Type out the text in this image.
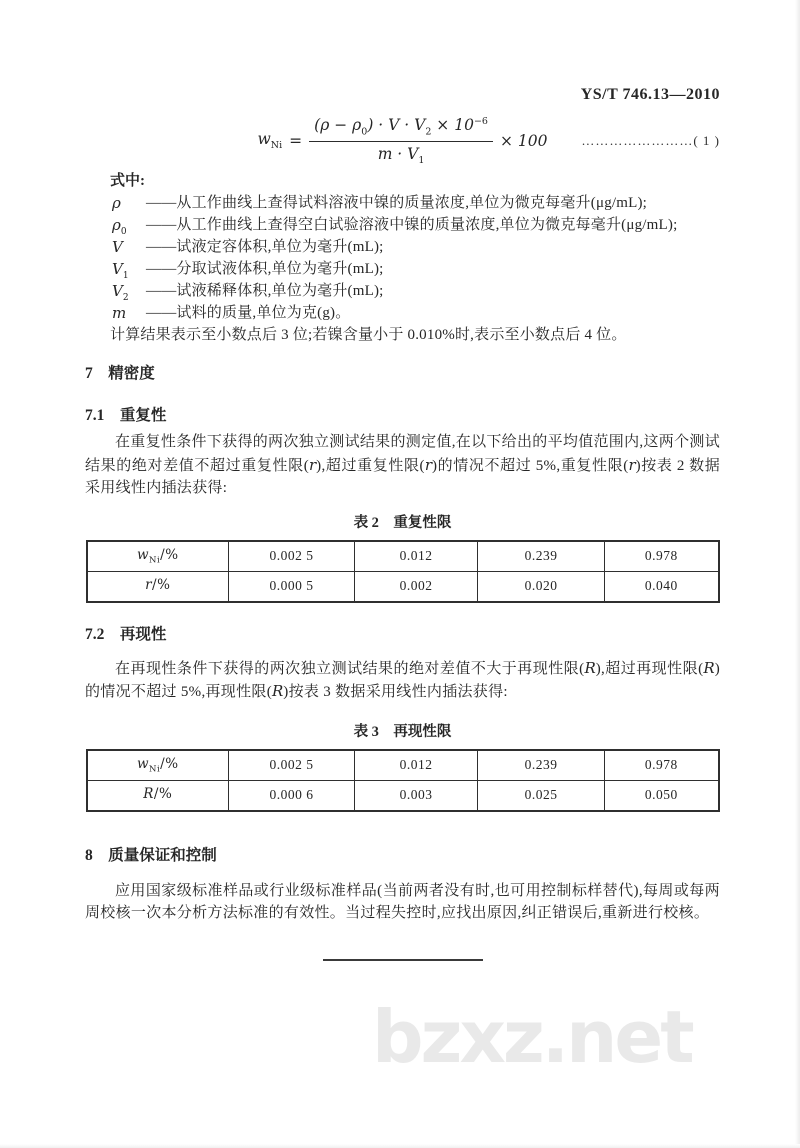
YS/T 746.13—2010
$w_{Ni} = \frac{(\rho - \rho_0) \cdot V \cdot V_2 \times 10^{-6}}{m \cdot V_1} \times 100$	……………………( 1 )
式中:
ρ	——从工作曲线上查得试料溶液中镍的质量浓度,单位为微克每毫升(μg/mL);
$\rho_0$	——从工作曲线上查得空白试验溶液中镍的质量浓度,单位为微克每毫升(μg/mL);
V	——试液定容体积,单位为毫升(mL);
$V_1$	——分取试液体积,单位为毫升(mL);
$V_2$	——试液稀释体积,单位为毫升(mL);
m	——试料的质量,单位为克(g)。
计算结果表示至小数点后 3 位;若镍含量小于 0.010%时,表示至小数点后 4 位。
7　精密度
7.1　重复性
在重复性条件下获得的两次独立测试结果的测定值,在以下给出的平均值范围内,这两个测试结果的绝对差值不超过重复性限(r),超过重复性限(r)的情况不超过 5%,重复性限(r)按表 2 数据采用线性内插法获得:
表 2　重复性限
$w_{Ni}/\%$	0.002 5	0.012	0.239	0.978
r/%	0.000 5	0.002	0.020	0.040
7.2　再现性
在再现性条件下获得的两次独立测试结果的绝对差值不大于再现性限(R),超过再现性限(R)的情况不超过 5%,再现性限(R)按表 3 数据采用线性内插法获得:
表 3　再现性限
$w_{Ni}/\%$	0.002 5	0.012	0.239	0.978
R/%	0.000 6	0.003	0.025	0.050
8　质量保证和控制
应用国家级标准样品或行业级标准样品(当前两者没有时,也可用控制标样替代),每周或每两周校核一次本分析方法标准的有效性。当过程失控时,应找出原因,纠正错误后,重新进行校核。
bzxz.net
